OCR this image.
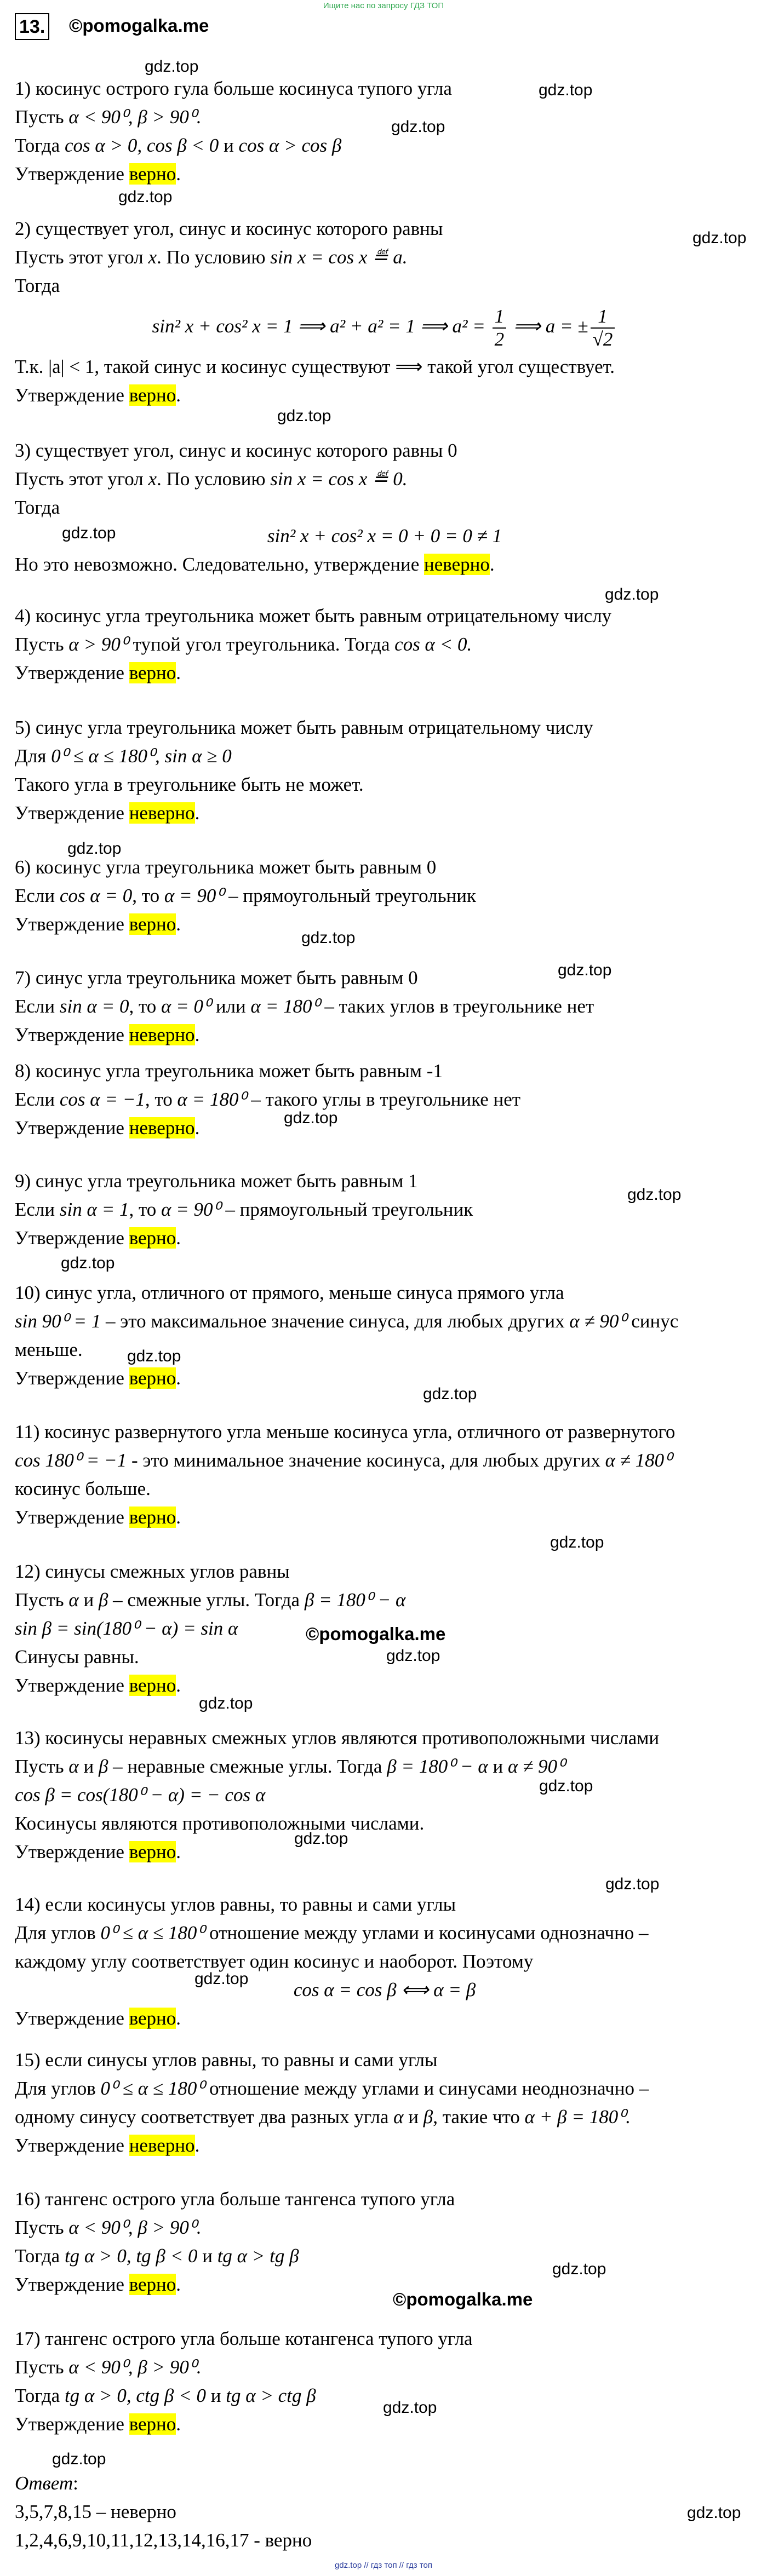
Ищите нас по запросу ГДЗ ТОП
13. ©pomogalka.me
gdz.top
gdz.top
gdz.top
gdz.top
gdz.top
gdz.top
gdz.top
gdz.top
gdz.top
gdz.top
gdz.top
gdz.top
gdz.top
gdz.top
gdz.top
gdz.top
gdz.top
©pomogalka.me
gdz.top
gdz.top
gdz.top
gdz.top
gdz.top
gdz.top
gdz.top
©pomogalka.me
gdz.top
gdz.top
gdz.top
1) косинус острого гула больше косинуса тупого угла
Пусть α < 90⁰, β > 90⁰.
Тогда cos α > 0, cos β < 0 и cos α > cos β
Утверждение верно.
2) существует угол, синус и косинус которого равны
Пусть этот угол x. По условию sin x = cos x ≝ a.
Тогда
sin² x + cos² x = 1 ⟹ a² + a² = 1 ⟹ $a^2 = \frac{1}{2}$ ⟹ a = ± $\frac{1}{√2}$
Т.к. |a| < 1, такой синус и косинус существуют ⟹ такой угол существует.
Утверждение верно.
3) существует угол, синус и косинус которого равны 0
Пусть этот угол x. По условию sin x = cos x ≝ 0.
Тогда
sin² x + cos² x = 0 + 0 = 0 ≠ 1
Но это невозможно. Следовательно, утверждение неверно.
4) косинус угла треугольника может быть равным отрицательному числу
Пусть α > 90⁰ тупой угол треугольника. Тогда cos α < 0.
Утверждение верно.
5) синус угла треугольника может быть равным отрицательному числу
Для 0⁰ ≤ α ≤ 180⁰, sin α ≥ 0
Такого угла в треугольнике быть не может.
Утверждение неверно.
6) косинус угла треугольника может быть равным 0
Если cos α = 0, то α = 90⁰ – прямоугольный треугольник
Утверждение верно.
7) синус угла треугольника может быть равным 0
Если sin α = 0, то α = 0⁰ или α = 180⁰ – таких углов в треугольнике нет
Утверждение неверно.
8) косинус угла треугольника может быть равным -1
Если cos α = −1, то α = 180⁰ – такого углы в треугольнике нет
Утверждение неверно.
9) синус угла треугольника может быть равным 1
Если sin α = 1, то α = 90⁰ – прямоугольный треугольник
Утверждение верно.
10) синус угла, отличного от прямого, меньше синуса прямого угла
sin 90⁰ = 1 – это максимальное значение синуса, для любых других α ≠ 90⁰ синус
меньше.
Утверждение верно.
11) косинус развернутого угла меньше косинуса угла, отличного от развернутого
cos 180⁰ = −1 - это минимальное значение косинуса, для любых других α ≠ 180⁰
косинус больше.
Утверждение верно.
12) синусы смежных углов равны
Пусть α и β – смежные углы. Тогда β = 180⁰ − α
sin β = sin(180⁰ − α) = sin α
Синусы равны.
Утверждение верно.
13) косинусы неравных смежных углов являются противоположными числами
Пусть α и β – неравные смежные углы. Тогда β = 180⁰ − α и α ≠ 90⁰
cos β = cos(180⁰ − α) = − cos α
Косинусы являются противоположными числами.
Утверждение верно.
14) если косинусы углов равны, то равны и сами углы
Для углов 0⁰ ≤ α ≤ 180⁰ отношение между углами и косинусами однозначно –
каждому углу соответствует один косинус и наоборот. Поэтому
cos α = cos β ⟺ α = β
Утверждение верно.
15) если синусы углов равны, то равны и сами углы
Для углов 0⁰ ≤ α ≤ 180⁰ отношение между углами и синусами неоднозначно –
одному синусу соответствует два разных угла α и β, такие что α + β = 180⁰.
Утверждение неверно.
16) тангенс острого угла больше тангенса тупого угла
Пусть α < 90⁰, β > 90⁰.
Тогда tg α > 0, tg β < 0 и tg α > tg β
Утверждение верно.
17) тангенс острого угла больше котангенса тупого угла
Пусть α < 90⁰, β > 90⁰.
Тогда tg α > 0, ctg β < 0 и tg α > ctg β
Утверждение верно.
Ответ:
3,5,7,8,15 – неверно
1,2,4,6,9,10,11,12,13,14,16,17 - верно
gdz.top // гдз топ // гдз топ
